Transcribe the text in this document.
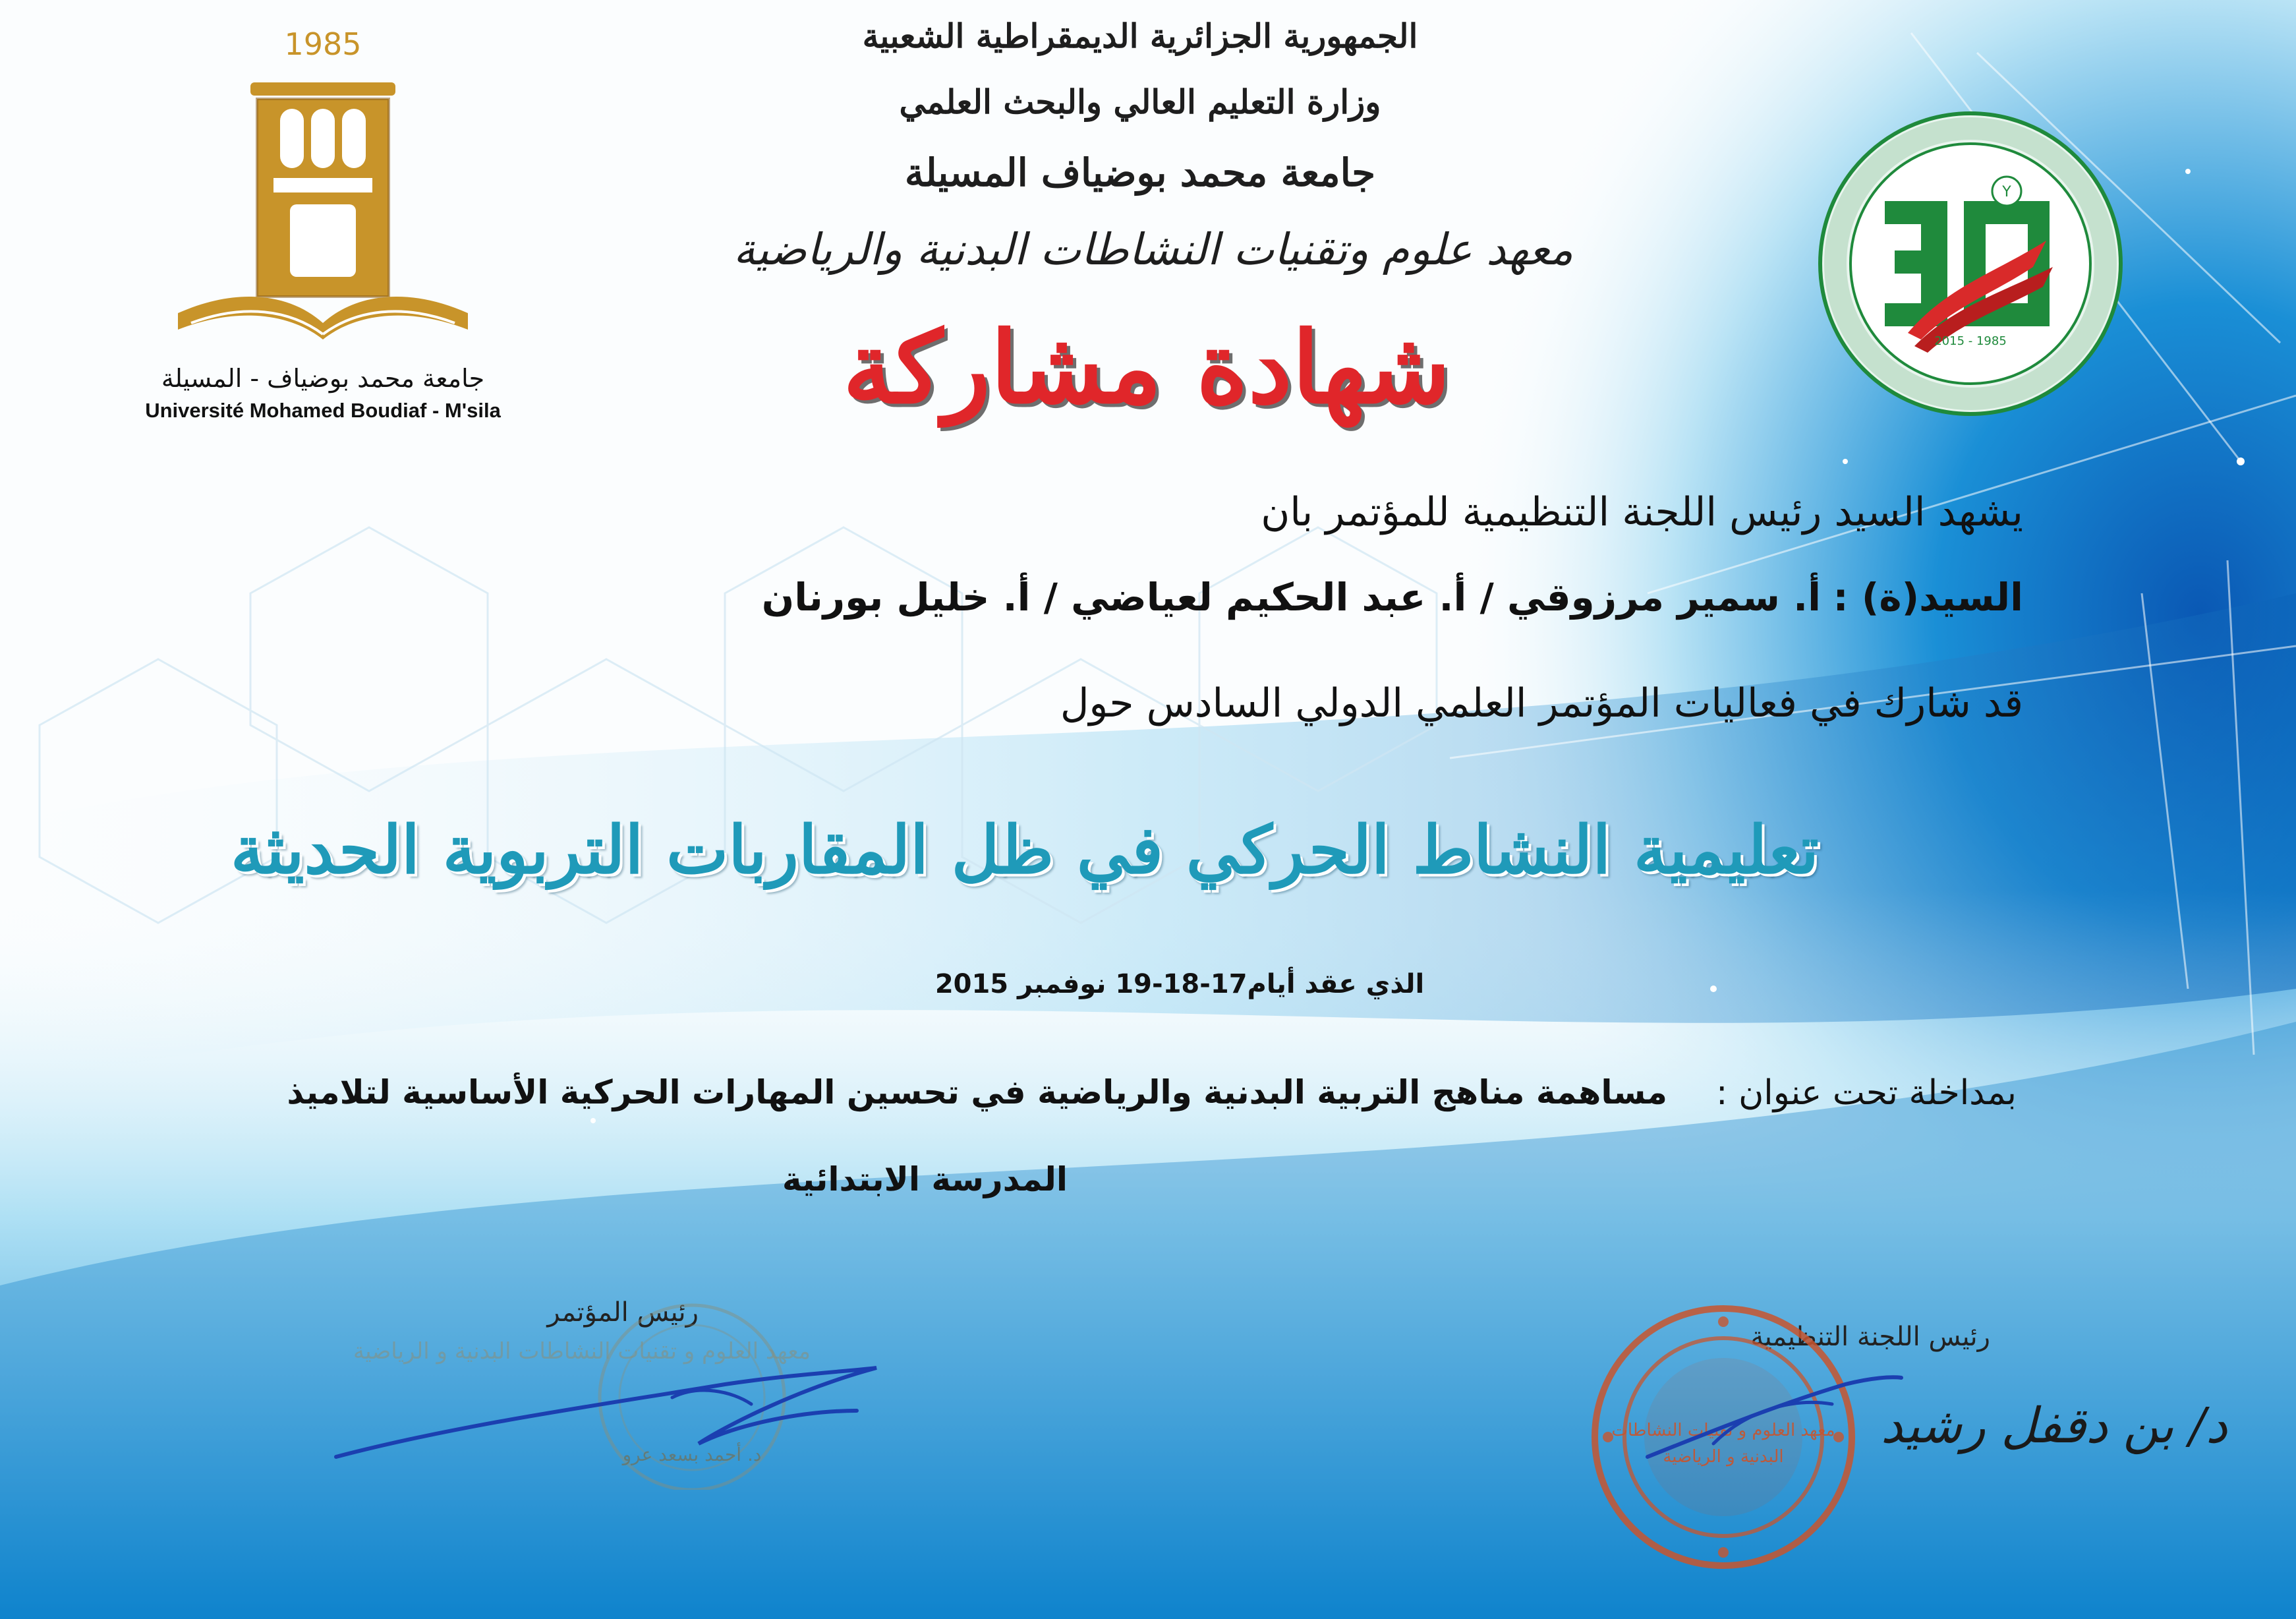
1985
جامعة محمد بوضياف - المسيلة
Université Mohamed Boudiaf - M'sila
Y
2015 - 1985
الجمهورية الجزائرية الديمقراطية الشعبية
وزارة التعليم العالي والبحث العلمي
جامعة محمد بوضياف المسيلة
معهد علوم وتقنيات النشاطات البدنية والرياضية
شهادة مشاركة
يشهد السيد رئيس اللجنة التنظيمية للمؤتمر بان
السيد(ة) : أ. سمير مرزوقي / أ. عبد الحكيم لعياضي / أ. خليل بورنان
قد شارك في فعاليات المؤتمر العلمي الدولي السادس حول
تعليمية النشاط الحركي في ظل المقاربات التربوية الحديثة
الذي عقد أيام17-18-19 نوفمبر 2015
بمداخلة تحت عنوان :
مساهمة مناهج التربية البدنية والرياضية في تحسين المهارات الحركية الأساسية لتلاميذ
المدرسة الابتدائية
رئيس المؤتمر
معهد العلوم و تقنيات النشاطات البدنية و الرياضية
د. أحمد بسعد عرو
رئيس اللجنة التنظيمية
معهد العلوم و تقنيات النشاطات البدنية و الرياضية
د/ بن دقفل رشيد
